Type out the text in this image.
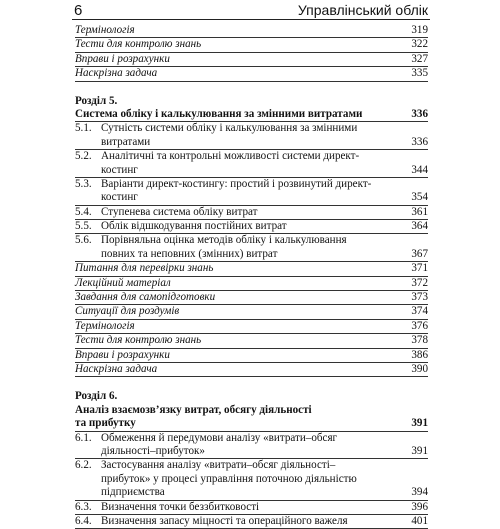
6	Управлінський облік
Термінологія	319
Тести для контролю знань	322
Вправи і розрахунки	327
Наскрізна задача	335
Розділ 5.
Система обліку і калькулювання за змінними витратами	336
5.1. Сутність системи обліку і калькулювання за змінними
витратами	336
5.2. Аналітичні та контрольні можливості системи директ-
костинг	344
5.3. Варіанти директ-костингу: простий і розвинутий директ-
костинг	354
5.4. Ступенева система обліку витрат	361
5.5. Облік відшкодування постійних витрат	364
5.6. Порівняльна оцінка методів обліку і калькулювання
повних та неповних (змінних) витрат	367
Питання для перевірки знань	371
Лекційний матеріал	372
Завдання для самопідготовки	373
Ситуації для роздумів	374
Термінологія	376
Тести для контролю знань	378
Вправи і розрахунки	386
Наскрізна задача	390
Розділ 6.
Аналіз взаємозв’язку витрат, обсягу діяльності
та прибутку	391
6.1. Обмеження й передумови аналізу «витрати–обсяг
діяльності–прибуток»	391
6.2. Застосування аналізу «витрати–обсяг діяльності–
прибуток» у процесі управління поточною діяльністю
підприємства	394
6.3. Визначення точки беззбитковості	396
6.4. Визначення запасу міцності та операційного важеля	401
